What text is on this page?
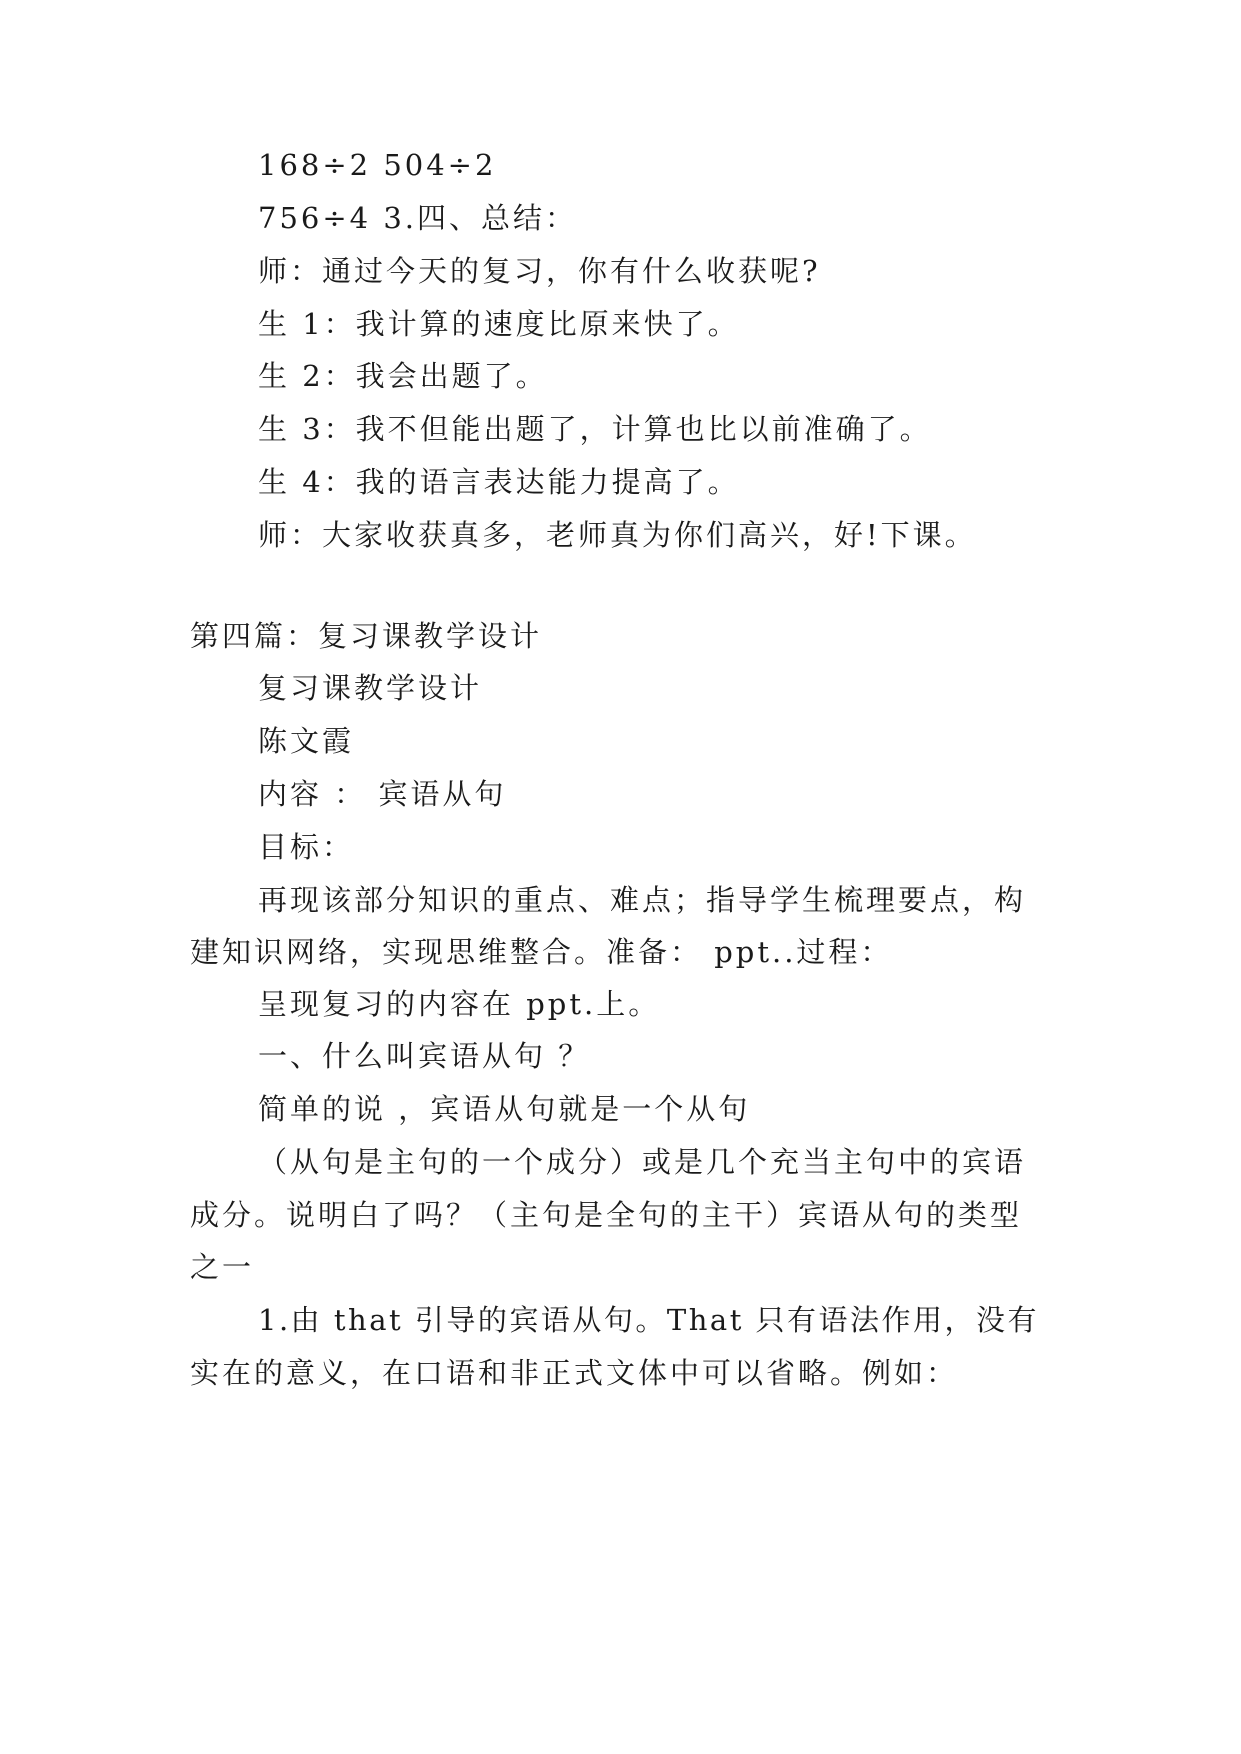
168÷2 504÷2
756÷4 3.四、总结：
师：通过今天的复习，你有什么收获呢?
生 1：我计算的速度比原来快了。
生 2：我会出题了。
生 3：我不但能出题了，计算也比以前准确了。
生 4：我的语言表达能力提高了。
师：大家收获真多，老师真为你们高兴，好!下课。
第四篇：复习课教学设计
复习课教学设计
陈文霞
内容 ： 宾语从句
目标：
再现该部分知识的重点、难点；指导学生梳理要点，构
建知识网络，实现思维整合。准备： ppt..过程：
呈现复习的内容在 ppt.上。
一、什么叫宾语从句 ？
简单的说 ，宾语从句就是一个从句
（从句是主句的一个成分）或是几个充当主句中的宾语
成分。说明白了吗？（主句是全句的主干）宾语从句的类型
之一
1.由 that 引导的宾语从句。That 只有语法作用，没有
实在的意义，在口语和非正式文体中可以省略。例如：
